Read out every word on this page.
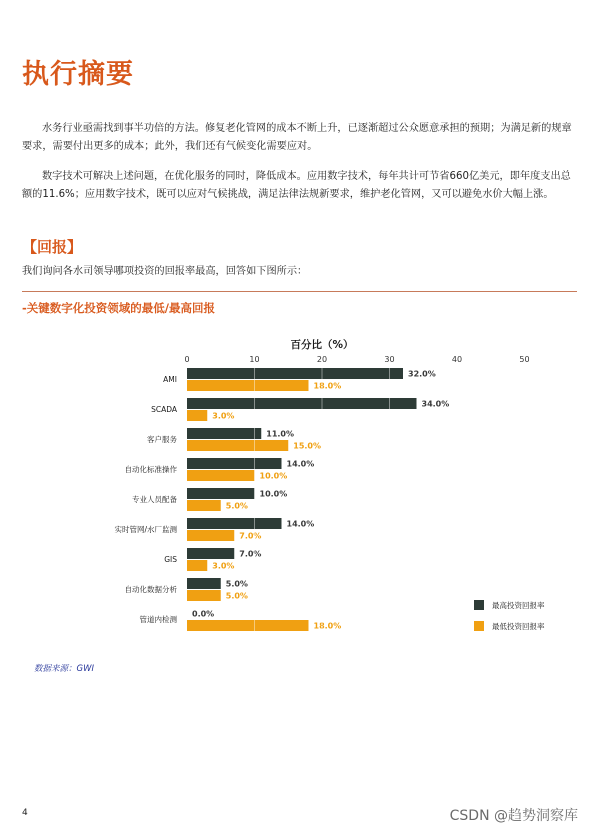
执行摘要
水务行业亟需找到事半功倍的方法。修复老化管网的成本不断上升，已逐渐超过公众愿意承担的预期；为满足新的规章要求，需要付出更多的成本；此外，我们还有气候变化需要应对。
数字技术可解决上述问题，在优化服务的同时，降低成本。应用数字技术，每年共计可节省660亿美元，即年度支出总额的11.6%；应用数字技术，既可以应对气候挑战，满足法律法规新要求，维护老化管网，又可以避免水价大幅上涨。
【回报】
我们询问各水司领导哪项投资的回报率最高，回答如下图所示：
-关键数字化投资领域的最低/最高回报
百分比（%）
0	10	20	30	40	50
AMI
32.0%
18.0%
SCADA
34.0%
3.0%
客户服务
11.0%
15.0%
自动化标准操作
14.0%
10.0%
专业人员配备
10.0%
5.0%
实时管网/水厂监测
14.0%
7.0%
GIS
7.0%
3.0%
自动化数据分析
5.0%
5.0%
管道内检测
0.0%
18.0%
最高投资回报率
最低投资回报率
数据来源：GWI
4	CSDN @趋势洞察库
